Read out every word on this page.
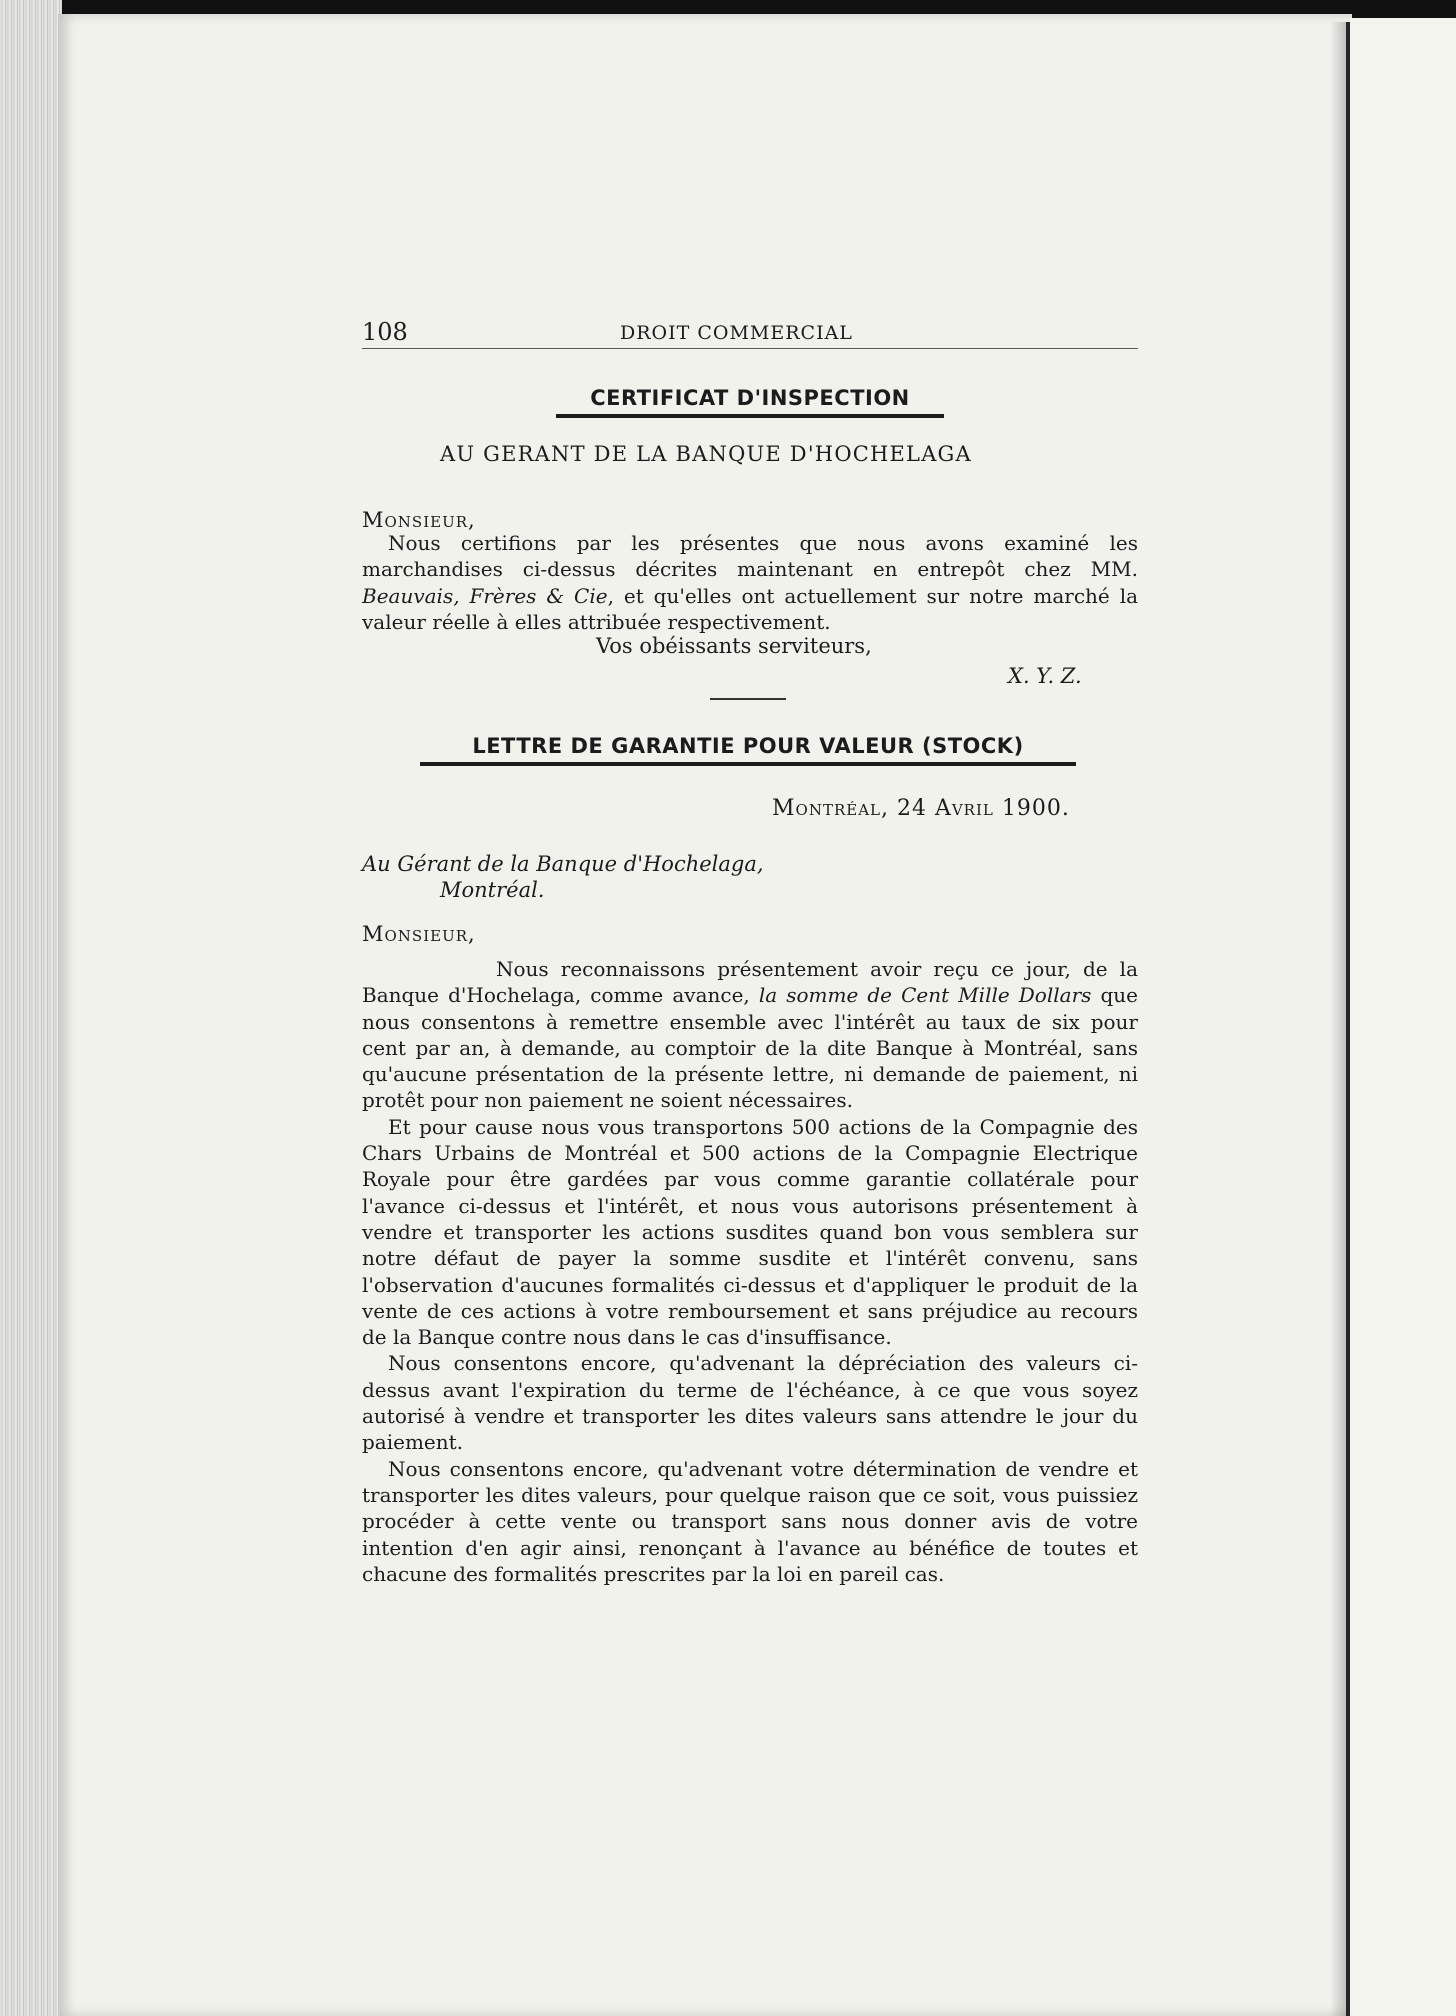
108	DROIT COMMERCIAL
CERTIFICAT D'INSPECTION
AU GERANT DE LA BANQUE D'HOCHELAGA
Monsieur,

Nous certifions par les présentes que nous avons examiné les marchandises ci-dessus décrites maintenant en entrepôt chez MM. Beauvais, Frères & Cie, et qu'elles ont actuellement sur notre marché la valeur réelle à elles attribuée respectivement.

Vos obéissants serviteurs,
X. Y. Z.
LETTRE DE GARANTIE POUR VALEUR (STOCK)
Montréal, 24 Avril 1900.
Au Gérant de la Banque d'Hochelaga,
Montréal.
Monsieur,

Nous reconnaissons présentement avoir reçu ce jour, de la Banque d'Hochelaga, comme avance, la somme de Cent Mille Dollars que nous consentons à remettre ensemble avec l'intérêt au taux de six pour cent par an, à demande, au comptoir de la dite Banque à Montréal, sans qu'aucune présentation de la présente lettre, ni demande de paiement, ni protêt pour non paiement ne soient nécessaires.

Et pour cause nous vous transportons 500 actions de la Compagnie des Chars Urbains de Montréal et 500 actions de la Compagnie Electrique Royale pour être gardées par vous comme garantie collatérale pour l'avance ci-dessus et l'intérêt, et nous vous autorisons présentement à vendre et transporter les actions susdites quand bon vous semblera sur notre défaut de payer la somme susdite et l'intérêt convenu, sans l'observation d'aucunes formalités ci-dessus et d'appliquer le produit de la vente de ces actions à votre remboursement et sans préjudice au recours de la Banque contre nous dans le cas d'insuffisance.

Nous consentons encore, qu'advenant la dépréciation des valeurs ci-dessus avant l'expiration du terme de l'échéance, à ce que vous soyez autorisé à vendre et transporter les dites valeurs sans attendre le jour du paiement.

Nous consentons encore, qu'advenant votre détermination de vendre et transporter les dites valeurs, pour quelque raison que ce soit, vous puissiez procéder à cette vente ou transport sans nous donner avis de votre intention d'en agir ainsi, renonçant à l'avance au bénéfice de toutes et chacune des formalités prescrites par la loi en pareil cas.
